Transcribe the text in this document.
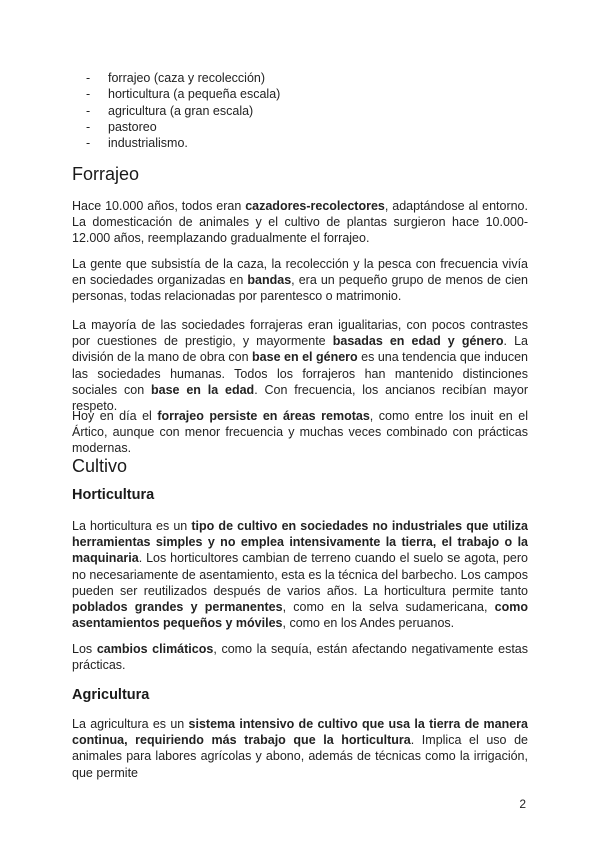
- forrajeo (caza y recolección)
- horticultura (a pequeña escala)
- agricultura (a gran escala)
- pastoreo
- industrialismo.
Forrajeo

Hace 10.000 años, todos eran cazadores-recolectores, adaptándose al entorno. La domesticación de animales y el cultivo de plantas surgieron hace 10.000-12.000 años, reemplazando gradualmente el forrajeo.

La gente que subsistía de la caza, la recolección y la pesca con frecuencia vivía en sociedades organizadas en bandas, era un pequeño grupo de menos de cien personas, todas relacionadas por parentesco o matrimonio.

La mayoría de las sociedades forrajeras eran igualitarias, con pocos contrastes por cuestiones de prestigio, y mayormente basadas en edad y género. La división de la mano de obra con base en el género es una tendencia que inducen las sociedades humanas. Todos los forrajeros han mantenido distinciones sociales con base en la edad. Con frecuencia, los ancianos recibían mayor respeto.

Hoy en día el forrajeo persiste en áreas remotas, como entre los inuit en el Ártico, aunque con menor frecuencia y muchas veces combinado con prácticas modernas.

Cultivo
Horticultura

La horticultura es un tipo de cultivo en sociedades no industriales que utiliza herramientas simples y no emplea intensivamente la tierra, el trabajo o la maquinaria. Los horticultores cambian de terreno cuando el suelo se agota, pero no necesariamente de asentamiento, esta es la técnica del barbecho. Los campos pueden ser reutilizados después de varios años. La horticultura permite tanto poblados grandes y permanentes, como en la selva sudamericana, como asentamientos pequeños y móviles, como en los Andes peruanos.

Los cambios climáticos, como la sequía, están afectando negativamente estas prácticas.

Agricultura

La agricultura es un sistema intensivo de cultivo que usa la tierra de manera continua, requiriendo más trabajo que la horticultura. Implica el uso de animales para labores agrícolas y abono, además de técnicas como la irrigación, que permite

2
